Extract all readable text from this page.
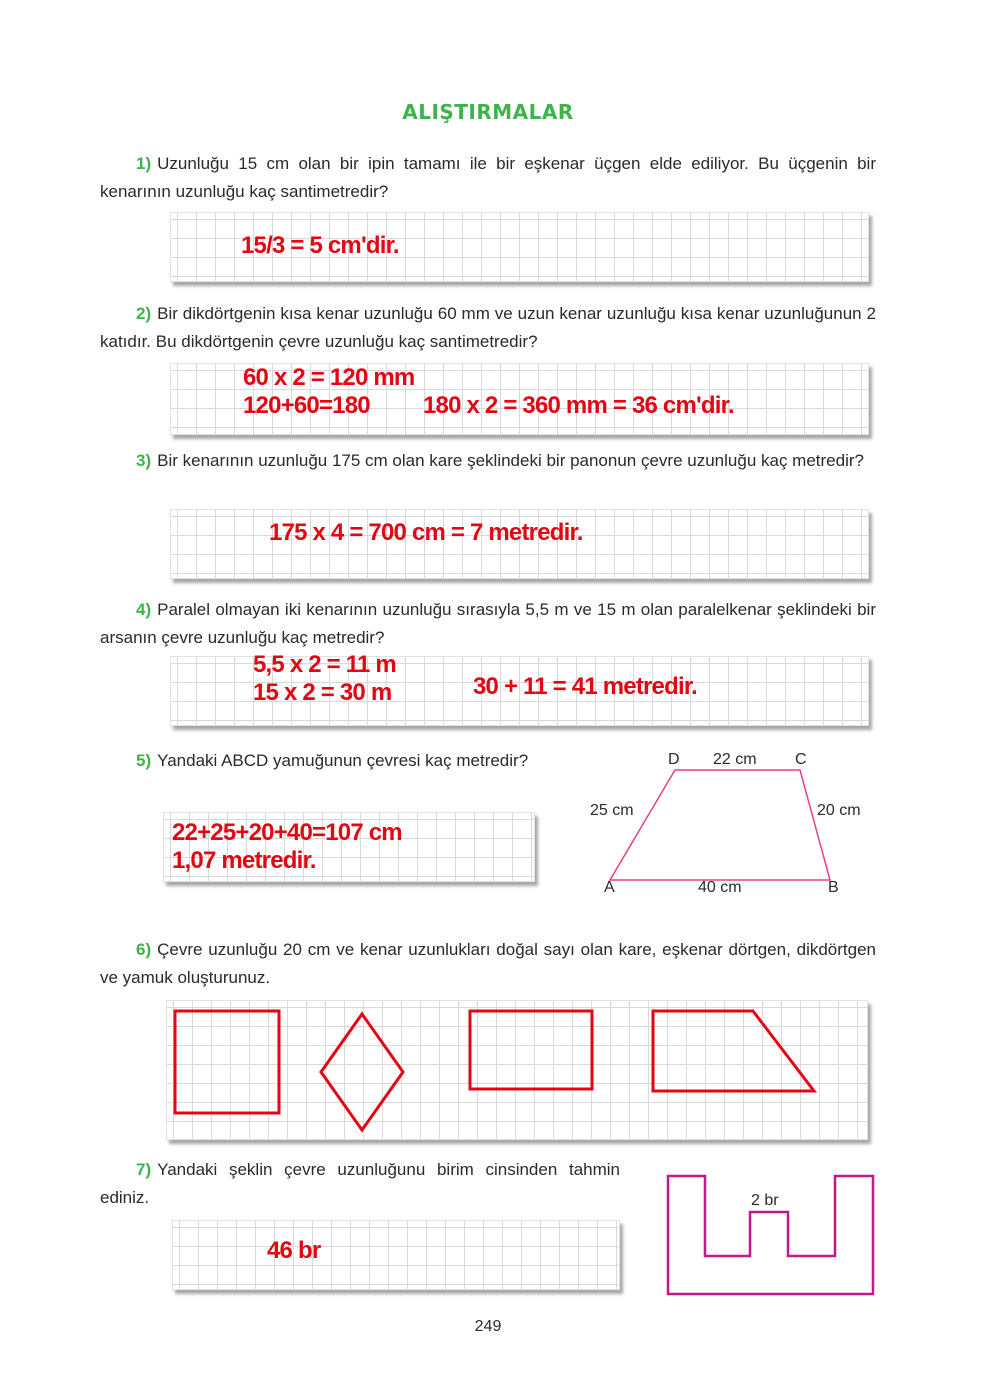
ALIŞTIRMALAR
1) Uzunluğu 15 cm olan bir ipin tamamı ile bir eşkenar üçgen elde ediliyor. Bu üçgenin bir kenarının uzunluğu kaç santimetredir?
15/3 = 5 cm'dir.
2) Bir dikdörtgenin kısa kenar uzunluğu 60 mm ve uzun kenar uzunluğu kısa kenar uzunluğunun 2 katıdır. Bu dikdörtgenin çevre uzunluğu kaç santimetredir?
60 x 2 = 120 mm
120+60=180 180 x 2 = 360 mm = 36 cm'dir.
3) Bir kenarının uzunluğu 175 cm olan kare şeklindeki bir panonun çevre uzunluğu kaç metredir?
175 x 4 = 700 cm = 7 metredir.
4) Paralel olmayan iki kenarının uzunluğu sırasıyla 5,5 m ve 15 m olan paralelkenar şeklindeki bir arsanın çevre uzunluğu kaç metredir?
5,5 x 2 = 11 m
15 x 2 = 30 m	30 + 11 = 41 metredir.
5) Yandaki ABCD yamuğunun çevresi kaç metredir?
22+25+20+40=107 cm
1,07 metredir.
D 22 cm C
25 cm	20 cm
A	40 cm	B
6) Çevre uzunluğu 20 cm ve kenar uzunlukları doğal sayı olan kare, eşkenar dörtgen, dikdörtgen ve yamuk oluşturunuz.
7) Yandaki şeklin çevre uzunluğunu birim cinsinden tahmin ediniz.
46 br
2 br
249
